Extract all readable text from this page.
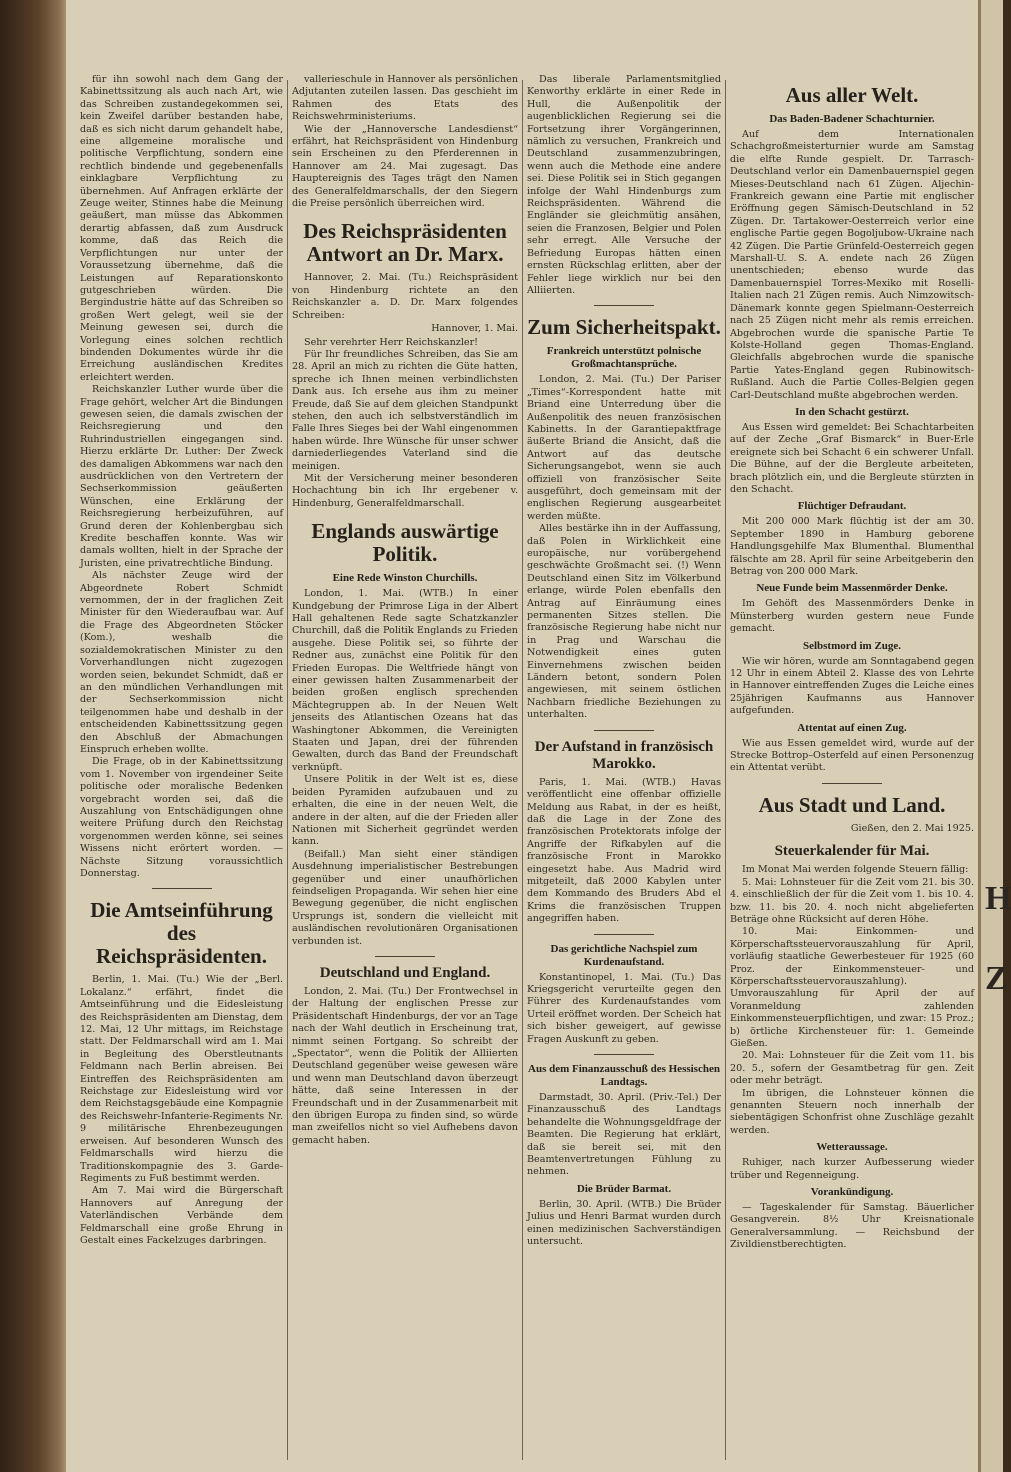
H
Z

für ihn sowohl nach dem Gang der Kabinettssitzung als auch nach Art, wie das Schreiben zustandegekommen sei, kein Zweifel darüber bestanden habe, daß es sich nicht darum gehandelt habe, eine allgemeine moralische und politische Verpflichtung, sondern eine rechtlich bindende und gegebenenfalls einklagbare Verpflichtung zu übernehmen. Auf Anfragen erklärte der Zeuge weiter, Stinnes habe die Meinung geäußert, man müsse das Abkommen derartig abfassen, daß zum Ausdruck komme, daß das Reich die Verpflichtungen nur unter der Voraussetzung übernehme, daß die Leistungen auf Reparationskonto gutgeschrieben würden. Die Bergindustrie hätte auf das Schreiben so großen Wert gelegt, weil sie der Meinung gewesen sei, durch die Vorlegung eines solchen rechtlich bindenden Dokumentes würde ihr die Erreichung ausländischen Kredites erleichtert werden.

Reichskanzler Luther wurde über die Frage gehört, welcher Art die Bindungen gewesen seien, die damals zwischen der Reichsregierung und den Ruhrindustriellen eingegangen sind. Hierzu erklärte Dr. Luther: Der Zweck des damaligen Abkommens war nach den ausdrücklichen von den Vertretern der Sechserkommission geäußerten Wünschen, eine Erklärung der Reichsregierung herbeizuführen, auf Grund deren der Kohlenbergbau sich Kredite beschaffen konnte. Was wir damals wollten, hielt in der Sprache der Juristen, eine privatrechtliche Bindung.

Als nächster Zeuge wird der Abgeordnete Robert Schmidt vernommen, der in der fraglichen Zeit Minister für den Wiederaufbau war. Auf die Frage des Abgeordneten Stöcker (Kom.), weshalb die sozialdemokratischen Minister zu den Vorverhandlungen nicht zugezogen worden seien, bekundet Schmidt, daß er an den mündlichen Verhandlungen mit der Sechserkommission nicht teilgenommen habe und deshalb in der entscheidenden Kabinettssitzung gegen den Abschluß der Abmachungen Einspruch erheben wollte.

Die Frage, ob in der Kabinettssitzung vom 1. November von irgendeiner Seite politische oder moralische Bedenken vorgebracht worden sei, daß die Auszahlung von Entschädigungen ohne weitere Prüfung durch den Reichstag vorgenommen werden könne, sei seines Wissens nicht erörtert worden. — Nächste Sitzung voraussichtlich Donnerstag.

Die Amtseinführung des Reichspräsidenten.

Berlin, 1. Mai. (Tu.) Wie der „Berl. Lokalanz.“ erfährt, findet die Amtseinführung und die Eidesleistung des Reichspräsidenten am Dienstag, dem 12. Mai, 12 Uhr mittags, im Reichstage statt. Der Feldmarschall wird am 1. Mai in Begleitung des Oberstleutnants Feldmann nach Berlin abreisen. Bei Eintreffen des Reichspräsidenten am Reichstage zur Eidesleistung wird vor dem Reichstagsgebäude eine Kompagnie des Reichswehr-Infanterie-Regiments Nr. 9 militärische Ehrenbezeugungen erweisen. Auf besonderen Wunsch des Feldmarschalls wird hierzu die Traditionskompagnie des 3. Garde-Regiments zu Fuß bestimmt werden.

Am 7. Mai wird die Bürgerschaft Hannovers auf Anregung der Vaterländischen Verbände dem Feldmarschall eine große Ehrung in Gestalt eines Fackelzuges darbringen.

vallerieschule in Hannover als persönlichen Adjutanten zuteilen lassen. Das geschieht im Rahmen des Etats des Reichswehrministeriums.

Wie der „Hannoversche Landesdienst“ erfährt, hat Reichspräsident von Hindenburg sein Erscheinen zu den Pferderennen in Hannover am 24. Mai zugesagt. Das Hauptereignis des Tages trägt den Namen des Generalfeldmarschalls, der den Siegern die Preise persönlich überreichen wird.

Des Reichspräsidenten Antwort an Dr. Marx.

Hannover, 2. Mai. (Tu.) Reichspräsident von Hindenburg richtete an den Reichskanzler a. D. Dr. Marx folgendes Schreiben:

Hannover, 1. Mai.

Sehr verehrter Herr Reichskanzler!

Für Ihr freundliches Schreiben, das Sie am 28. April an mich zu richten die Güte hatten, spreche ich Ihnen meinen verbindlichsten Dank aus. Ich ersehe aus ihm zu meiner Freude, daß Sie auf dem gleichen Standpunkt stehen, den auch ich selbstverständlich im Falle Ihres Sieges bei der Wahl eingenommen haben würde. Ihre Wünsche für unser schwer darniederliegendes Vaterland sind die meinigen.

Mit der Versicherung meiner besonderen Hochachtung bin ich Ihr ergebener v. Hindenburg, Generalfeldmarschall.

Englands auswärtige Politik.
Eine Rede Winston Churchills.

London, 1. Mai. (WTB.) In einer Kundgebung der Primrose Liga in der Albert Hall gehaltenen Rede sagte Schatzkanzler Churchill, daß die Politik Englands zu Frieden ausgehe. Diese Politik sei, so führte der Redner aus, zunächst eine Politik für den Frieden Europas. Die Weltfriede hängt von einer gewissen halten Zusammenarbeit der beiden großen englisch sprechenden Mächtegruppen ab. In der Neuen Welt jenseits des Atlantischen Ozeans hat das Washingtoner Abkommen, die Vereinigten Staaten und Japan, drei der führenden Gewalten, durch das Band der Freundschaft verknüpft.

Unsere Politik in der Welt ist es, diese beiden Pyramiden aufzubauen und zu erhalten, die eine in der neuen Welt, die andere in der alten, auf die der Frieden aller Nationen mit Sicherheit gegründet werden kann.

(Beifall.) Man sieht einer ständigen Ausdehnung imperialistischer Bestrebungen gegenüber und einer unaufhörlichen feindseligen Propaganda. Wir sehen hier eine Bewegung gegenüber, die nicht englischen Ursprungs ist, sondern die vielleicht mit ausländischen revolutionären Organisationen verbunden ist.

Deutschland und England.

London, 2. Mai. (Tu.) Der Frontwechsel in der Haltung der englischen Presse zur Präsidentschaft Hindenburgs, der vor an Tage nach der Wahl deutlich in Erscheinung trat, nimmt seinen Fortgang. So schreibt der „Spectator“, wenn die Politik der Alliierten Deutschland gegenüber weise gewesen wäre und wenn man Deutschland davon überzeugt hätte, daß seine Interessen in der Freundschaft und in der Zusammenarbeit mit den übrigen Europa zu finden sind, so würde man zweifellos nicht so viel Aufhebens davon gemacht haben.

Das liberale Parlamentsmitglied Kenworthy erklärte in einer Rede in Hull, die Außenpolitik der augenblicklichen Regierung sei die Fortsetzung ihrer Vorgängerinnen, nämlich zu versuchen, Frankreich und Deutschland zusammenzubringen, wenn auch die Methode eine andere sei. Diese Politik sei in Stich gegangen infolge der Wahl Hindenburgs zum Reichspräsidenten. Während die Engländer sie gleichmütig ansähen, seien die Franzosen, Belgier und Polen sehr erregt. Alle Versuche der Befriedung Europas hätten einen ernsten Rückschlag erlitten, aber der Fehler liege wirklich nur bei den Alliierten.

Zum Sicherheitspakt.
Frankreich unterstützt polnische Großmachtansprüche.

London, 2. Mai. (Tu.) Der Pariser „Times“-Korrespondent hatte mit Briand eine Unterredung über die Außenpolitik des neuen französischen Kabinetts. In der Garantiepaktfrage äußerte Briand die Ansicht, daß die Antwort auf das deutsche Sicherungsangebot, wenn sie auch offiziell von französischer Seite ausgeführt, doch gemeinsam mit der englischen Regierung ausgearbeitet werden müßte.

Alles bestärke ihn in der Auffassung, daß Polen in Wirklichkeit eine europäische, nur vorübergehend geschwächte Großmacht sei. (!) Wenn Deutschland einen Sitz im Völkerbund erlange, würde Polen ebenfalls den Antrag auf Einräumung eines permanenten Sitzes stellen. Die französische Regierung habe nicht nur in Prag und Warschau die Notwendigkeit eines guten Einvernehmens zwischen beiden Ländern betont, sondern Polen angewiesen, mit seinem östlichen Nachbarn friedliche Beziehungen zu unterhalten.

Der Aufstand in französisch Marokko.

Paris, 1. Mai. (WTB.) Havas veröffentlicht eine offenbar offizielle Meldung aus Rabat, in der es heißt, daß die Lage in der Zone des französischen Protektorats infolge der Angriffe der Rifkabylen auf die französische Front in Marokko eingesetzt habe. Aus Madrid wird mitgeteilt, daß 2000 Kabylen unter dem Kommando des Bruders Abd el Krims die französischen Truppen angegriffen haben.

Das gerichtliche Nachspiel zum Kurdenaufstand.

Konstantinopel, 1. Mai. (Tu.) Das Kriegsgericht verurteilte gegen den Führer des Kurdenaufstandes vom Urteil eröffnet worden. Der Scheich hat sich bisher geweigert, auf gewisse Fragen Auskunft zu geben.

Aus dem Finanzausschuß des Hessischen Landtags.

Darmstadt, 30. April. (Priv.-Tel.) Der Finanzausschuß des Landtags behandelte die Wohnungsgeldfrage der Beamten. Die Regierung hat erklärt, daß sie bereit sei, mit den Beamtenvertretungen Fühlung zu nehmen.

Die Brüder Barmat.

Berlin, 30. April. (WTB.) Die Brüder Julius und Henri Barmat wurden durch einen medizinischen Sachverständigen untersucht.

Aus aller Welt.
Das Baden-Badener Schachturnier.

Auf dem Internationalen Schachgroßmeisterturnier wurde am Samstag die elfte Runde gespielt. Dr. Tarrasch-Deutschland verlor ein Damenbauernspiel gegen Mieses-Deutschland nach 61 Zügen. Aljechin-Frankreich gewann eine Partie mit englischer Eröffnung gegen Sämisch-Deutschland in 52 Zügen. Dr. Tartakower-Oesterreich verlor eine englische Partie gegen Bogoljubow-Ukraine nach 42 Zügen. Die Partie Grünfeld-Oesterreich gegen Marshall-U. S. A. endete nach 26 Zügen unentschieden; ebenso wurde das Damenbauernspiel Torres-Mexiko mit Roselli-Italien nach 21 Zügen remis. Auch Nimzowitsch-Dänemark konnte gegen Spielmann-Oesterreich nach 25 Zügen nicht mehr als remis erreichen. Abgebrochen wurde die spanische Partie Te Kolste-Holland gegen Thomas-England. Gleichfalls abgebrochen wurde die spanische Partie Yates-England gegen Rubinowitsch-Rußland. Auch die Partie Colles-Belgien gegen Carl-Deutschland mußte abgebrochen werden.

In den Schacht gestürzt.

Aus Essen wird gemeldet: Bei Schachtarbeiten auf der Zeche „Graf Bismarck“ in Buer-Erle ereignete sich bei Schacht 6 ein schwerer Unfall. Die Bühne, auf der die Bergleute arbeiteten, brach plötzlich ein, und die Bergleute stürzten in den Schacht.

Flüchtiger Defraudant.

Mit 200 000 Mark flüchtig ist der am 30. September 1890 in Hamburg geborene Handlungsgehilfe Max Blumenthal. Blumenthal fälschte am 28. April für seine Arbeitgeberin den Betrag von 200 000 Mark.

Neue Funde beim Massenmörder Denke.

Im Gehöft des Massenmörders Denke in Münsterberg wurden gestern neue Funde gemacht.

Selbstmord im Zuge.

Wie wir hören, wurde am Sonntagabend gegen 12 Uhr in einem Abteil 2. Klasse des von Lehrte in Hannover eintreffenden Zuges die Leiche eines 25jährigen Kaufmanns aus Hannover aufgefunden.

Attentat auf einen Zug.

Wie aus Essen gemeldet wird, wurde auf der Strecke Bottrop–Osterfeld auf einen Personenzug ein Attentat verübt.

Aus Stadt und Land.

Gießen, den 2. Mai 1925.

Steuerkalender für Mai.

Im Monat Mai werden folgende Steuern fällig:

5. Mai: Lohnsteuer für die Zeit vom 21. bis 30. 4. einschließlich der für die Zeit vom 1. bis 10. 4. bzw. 11. bis 20. 4. noch nicht abgelieferten Beträge ohne Rücksicht auf deren Höhe.

10. Mai: Einkommen- und Körperschaftssteuervorauszahlung für April, vorläufig staatliche Gewerbesteuer für 1925 (60 Proz. der Einkommensteuer- und Körperschaftssteuervorauszahlung). Umvorauszahlung für April der auf Voranmeldung zahlenden Einkommensteuerpflichtigen, und zwar: 15 Proz.; b) örtliche Kirchensteuer für: 1. Gemeinde Gießen.

20. Mai: Lohnsteuer für die Zeit vom 11. bis 20. 5., sofern der Gesamtbetrag für gen. Zeit oder mehr beträgt.

Im übrigen, die Lohnsteuer können die genannten Steuern noch innerhalb der siebentägigen Schonfrist ohne Zuschläge gezahlt werden.

Wetteraussage.

Ruhiger, nach kurzer Aufbesserung wieder trüber und Regenneigung.

Vorankündigung.

— Tageskalender für Samstag. Bäuerlicher Gesangverein. 8½ Uhr Kreisnationale Generalversammlung. — Reichsbund der Zivildienstberechtigten.
